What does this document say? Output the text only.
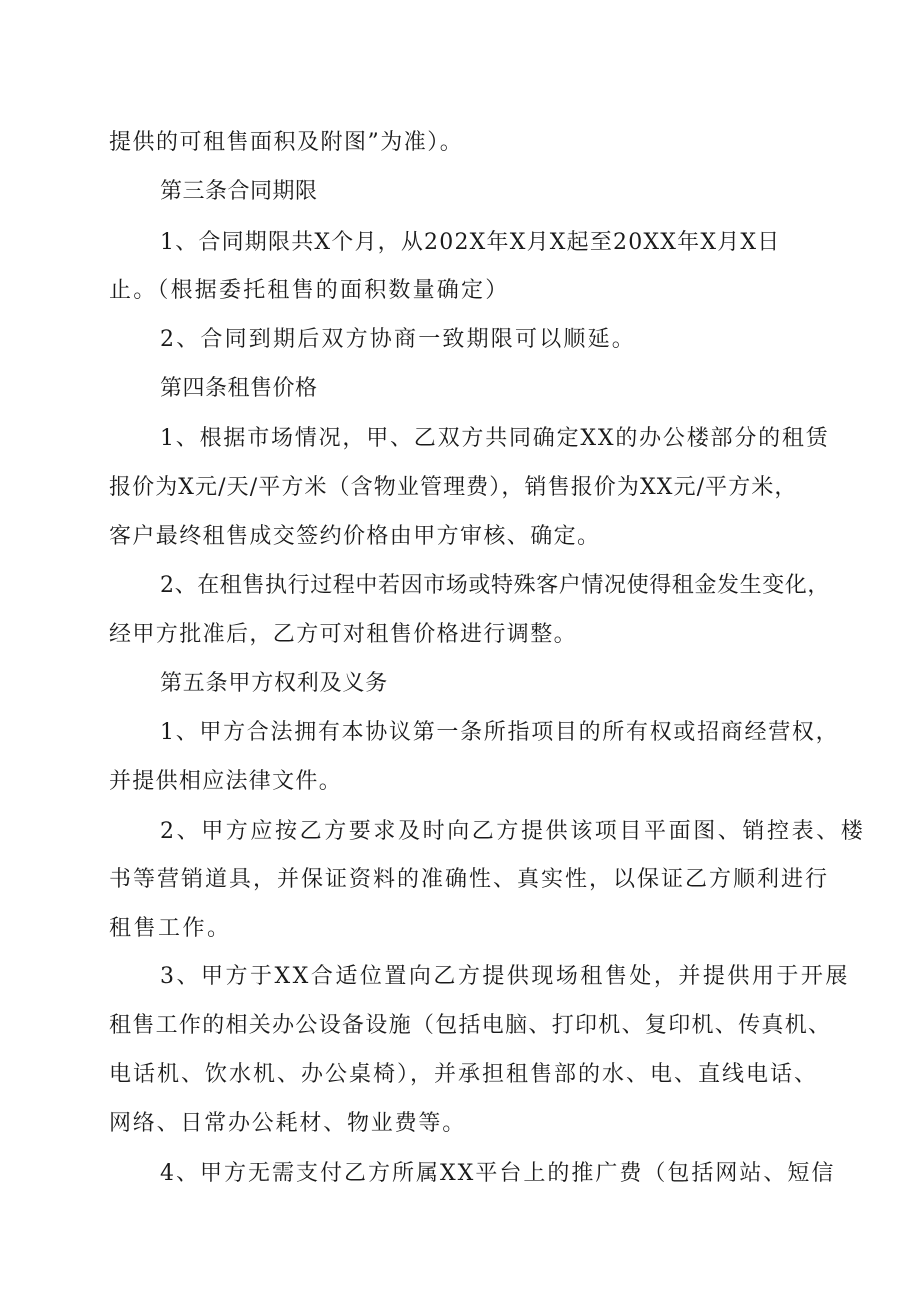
提供的可租售面积及附图”为准）。

第三条合同期限

1、合同期限共X个月，从202X年X月X起至20XX年X月X日

止。（根据委托租售的面积数量确定）

2、合同到期后双方协商一致期限可以顺延。

第四条租售价格

1、根据市场情况，甲、乙双方共同确定XX的办公楼部分的租赁

报价为X元/天/平方米（含物业管理费），销售报价为XX元/平方米，

客户最终租售成交签约价格由甲方审核、确定。

2、在租售执行过程中若因市场或特殊客户情况使得租金发生变化，

经甲方批准后，乙方可对租售价格进行调整。

第五条甲方权利及义务

1、甲方合法拥有本协议第一条所指项目的所有权或招商经营权，

并提供相应法律文件。

2、甲方应按乙方要求及时向乙方提供该项目平面图、销控表、楼

书等营销道具，并保证资料的准确性、真实性，以保证乙方顺利进行

租售工作。

3、甲方于XX合适位置向乙方提供现场租售处，并提供用于开展

租售工作的相关办公设备设施（包括电脑、打印机、复印机、传真机、

电话机、饮水机、办公桌椅），并承担租售部的水、电、直线电话、

网络、日常办公耗材、物业费等。

4、甲方无需支付乙方所属XX平台上的推广费（包括网站、短信
